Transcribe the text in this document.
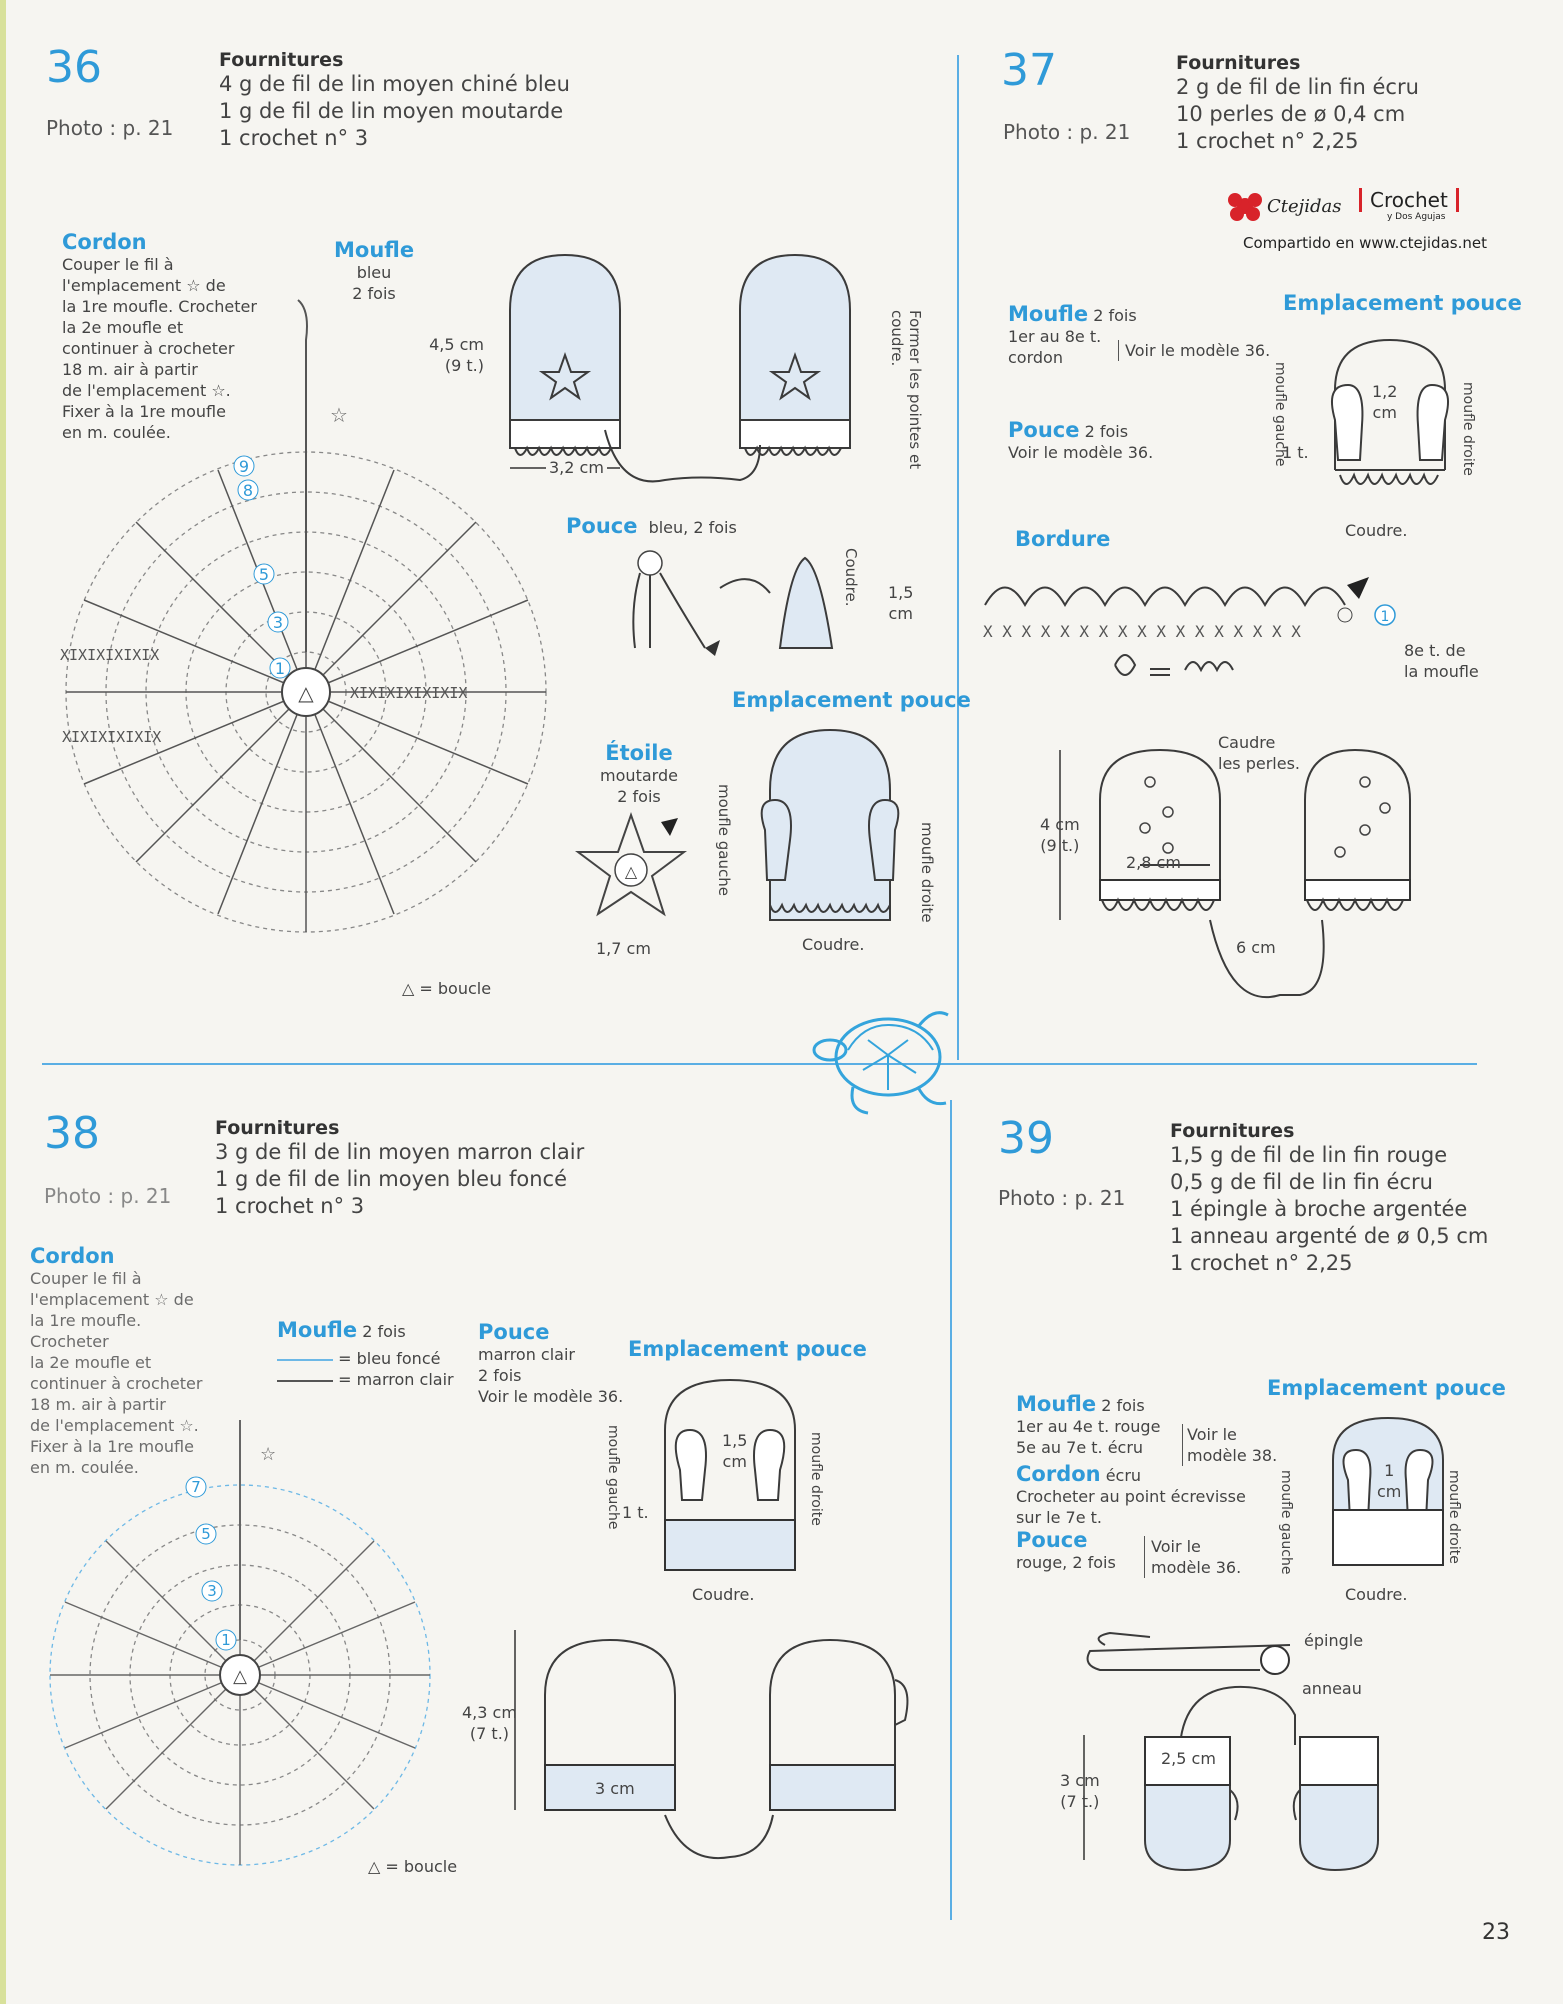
Ctejidas	Crochet
y Dos Agujas
Compartido en www.ctejidas.net
36
Photo : p. 21
Fournitures
4 g de fil de lin moyen chiné bleu
1 g de fil de lin moyen moutarde
1 crochet n° 3
Cordon
Couper le fil à
l'emplacement ☆ de
la 1re moufle. Crocheter
la 2e moufle et
continuer à crocheter
18 m. air à partir
de l'emplacement ☆.
Fixer à la 1re moufle
en m. coulée.
Moufle
bleu
2 fois
△
☆
9
8
5
3
1
XIXIXIXIXIXIX
XIXIXIXIXIX
XIXIXIXIXIX
△ = boucle
4,5 cm
(9 t.)
3,2 cm	Former les pointes et coudre.
Pouce bleu, 2 fois
Coudre. 1,5
cm
Emplacement pouce
moufle gauche	moufle droite
Coudre.
Étoile
moutarde
2 fois
△
1,7 cm
37
Photo : p. 21
Fournitures
2 g de fil de lin fin écru
10 perles de ø 0,4 cm
1 crochet n° 2,25
Moufle 2 fois
1er au 8e t.
cordon	Voir le modèle 36.
Pouce 2 fois
Voir le modèle 36.
Emplacement pouce
1,2
cm
1 t.
moufle gauche	moufle droite
Coudre.
Bordure
X X X X X X X X X X X X X X X X X
1
8e t. de
la moufle
Caudre
les perles.
4 cm
(9 t.)
2,8 cm
6 cm
38
Photo : p. 21
Fournitures
3 g de fil de lin moyen marron clair
1 g de fil de lin moyen bleu foncé
1 crochet n° 3
Cordon
Couper le fil à
l'emplacement ☆ de
la 1re moufle.
Crocheter
la 2e moufle et
continuer à crocheter
18 m. air à partir
de l'emplacement ☆.
Fixer à la 1re moufle
en m. coulée.
Moufle 2 fois
= bleu foncé
= marron clair
Pouce
marron clair
2 fois
Voir le modèle 36.
△
☆
7
5
3
1
△ = boucle
Emplacement pouce
1,5
cm
1 t.
moufle gauche	moufle droite
Coudre.
4,3 cm
(7 t.)
3 cm
39
Photo : p. 21
Fournitures
1,5 g de fil de lin fin rouge
0,5 g de fil de lin fin écru
1 épingle à broche argentée
1 anneau argenté de ø 0,5 cm
1 crochet n° 2,25
Moufle 2 fois
1er au 4e t. rouge
5e au 7e t. écru
Voir le modèle 38.
Cordon écru
Crocheter au point écrevisse
sur le 7e t.
Pouce
rouge, 2 fois
Voir le modèle 36.
Emplacement pouce
1
cm
moufle gauche	moufle droite
Coudre.
épingle
anneau
2,5 cm
3 cm
(7 t.)
23
